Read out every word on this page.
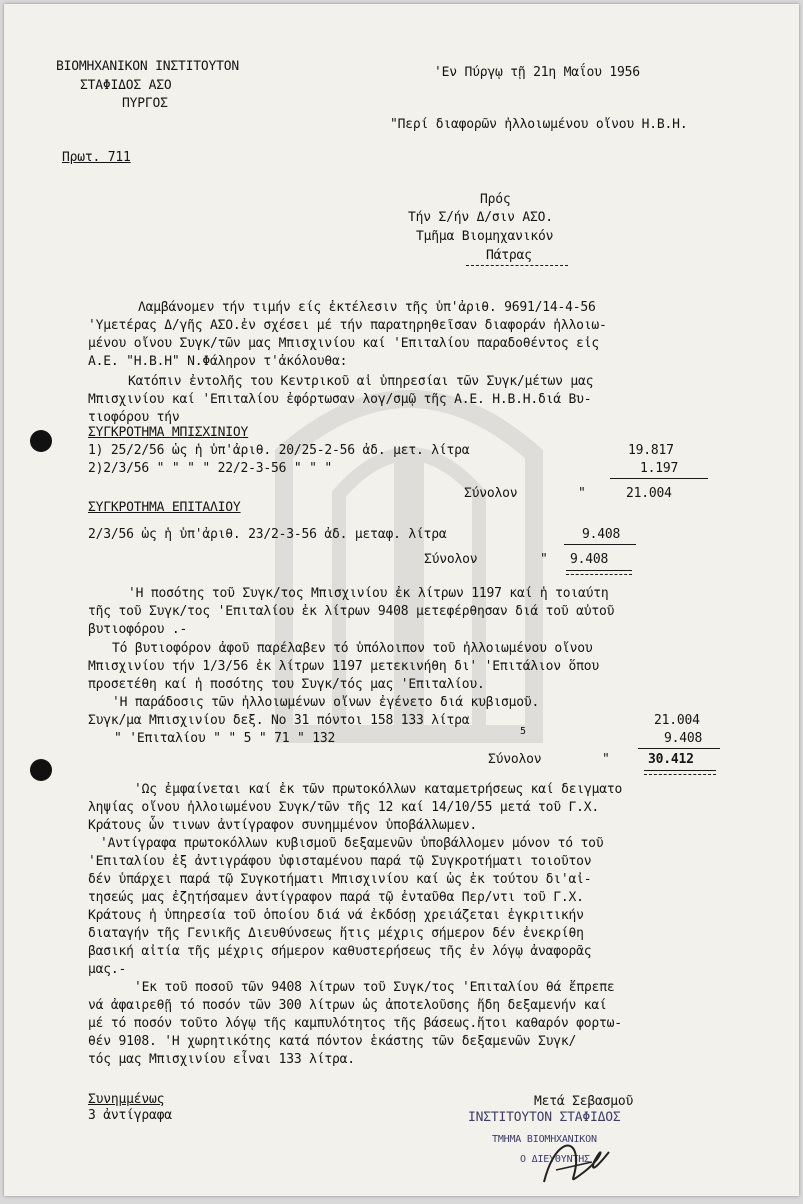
ΒΙΟΜΗΧΑΝΙΚΟΝ ΙΝΣΤΙΤΟΥΤΟΝ
ΣΤΑΦΙΔΟΣ ΑΣΟ
ΠΥΡΓΟΣ
'Εν Πύργῳ τῇ 21η Μαΐου 1956
"Περί διαφορῶν ἠλλοιωμένου οἴνου Η.Β.Η.
Πρωτ. 711
Πρός
Τήν Σ/ήν Δ/σιν ΑΣΟ.
Τμῆμα Βιομηχανικόν
Πάτρας
Λαμβάνομεν τήν τιμήν είς ἐκτέλεσιν τῆς ὑπ'ἀριθ. 9691/14-4-56
'Υμετέρας Δ/γῆς ΑΣΟ.ἐν σχέσει μέ τήν παρατηρηθεῖσαν διαφοράν ἠλλοιω-
μένου οἴνου Συγκ/τῶν μας Μπισχινίου καί 'Επιταλίου παραδοθέντος εἰς
Α.Ε. "Η.Β.Η" Ν.Φάληρον τ'ἀκόλουθα:
Κατόπιν ἐντολῆς του Κεντρικοῦ αἱ ὑπηρεσίαι τῶν Συγκ/μέτων μας
Μπισχινίου καί 'Επιταλίου ἐφόρτωσαν λογ/σμῷ τῆς Α.Ε. Η.Β.Η.διά Βυ-
τιοφόρου τήν
ΣΥΓΚΡΟΤΗΜΑ ΜΠΙΣΧΙΝΙΟΥ
1) 25/2/56 ὡς ἡ ὑπ'ἀριθ. 20/25-2-56 ἀδ. μετ. λίτρα	19.817
2)2/3/56 " " " " 22/2-3-56 " " "	1.197
Σύνολον	"	21.004
ΣΥΓΚΡΟΤΗΜΑ ΕΠΙΤΑΛΙΟΥ
2/3/56 ὡς ἡ ὑπ'ἀριθ. 23/2-3-56 ἀδ. μεταφ. λίτρα	9.408
Σύνολον	" 9.408
'Η ποσότης τοῦ Συγκ/τος Μπισχινίου ἐκ λίτρων 1197 καί ἡ τοιαύτη
τῆς τοῦ Συγκ/τος 'Επιταλίου ἐκ λίτρων 9408 μετεφέρθησαν διά τοῦ αὐτοῦ
βυτιοφόρου .-
Τό βυτιοφόρον ἀφοῦ παρέλαβεν τό ὑπόλοιπον τοῦ ἠλλοιωμένου οἴνου
Μπισχινίου τήν 1/3/56 ἐκ λίτρων 1197 μετεκινήθη δι' 'Επιτάλιον ὅπου
προσετέθη καί ἡ ποσότης του Συγκ/τός μας 'Επιταλίου.
'Η παράδοσις τῶν ἠλλοιωμένων οἴνων ἐγένετο διά κυβισμοῦ.
Συγκ/μα Μπισχινίου δεξ. Νο 31 πόντοι 158 133 λίτρα	21.004
" 'Επιταλίου " " 5 " 71 " 132	5	9.408
Σύνολον	"	30.412
'Ως ἐμφαίνεται καί ἐκ τῶν πρωτοκόλλων καταμετρήσεως καί δειγματο
ληψίας οἴνου ἠλλοιωμένου Συγκ/τῶν τῆς 12 καί 14/10/55 μετά τοῦ Γ.Χ.
Κράτους ὧν τινων ἀντίγραφον συνημμένον ὑποβάλλωμεν.
'Αντίγραφα πρωτοκόλλων κυβισμοῦ δεξαμενῶν ὑποβάλλομεν μόνον τό τοῦ
'Επιταλίου ἐξ ἀντιγράφου ὑφισταμένου παρά τῷ Συγκροτήματι τοιοῦτον
δέν ὑπάρχει παρά τῷ Συγκοτήματι Μπισχινίου καί ὡς ἐκ τούτου δι'αἰ-
τησεώς μας ἐζητήσαμεν ἀντίγραφον παρά τῷ ἐνταῦθα Περ/ντι τοῦ Γ.Χ.
Κράτους ἡ ὑπηρεσία τοῦ ὁποίου διά νά ἐκδόσῃ χρειάζεται ἐγκριτικήν
διαταγήν τῆς Γενικῆς Διευθύνσεως ἥτις μέχρις σήμερον δέν ἐνεκρίθη
βασική αἰτία τῆς μέχρις σήμερον καθυστερήσεως τῆς ἐν λόγῳ ἀναφορᾶς
μας.-
'Εκ τοῦ ποσοῦ τῶν 9408 λίτρων τοῦ Συγκ/τος 'Επιταλίου θά ἔπρεπε
νά ἀφαιρεθῇ τό ποσόν τῶν 300 λίτρων ὡς ἀποτελοῦσης ἤδη δεξαμενήν καί
μέ τό ποσόν τοῦτο λόγῳ τῆς καμπυλότητος τῆς βάσεως.ἤτοι καθαρόν φορτω-
θέν 9108. 'Η χωρητικότης κατά πόντον ἑκάστης τῶν δεξαμενῶν Συγκ/
τός μας Μπισχινίου εἶναι 133 λίτρα.
Συνημμένως
3 ἀντίγραφα
Μετά Σεβασμοῦ
ΙΝΣΤΙΤΟΥΤΟΝ ΣΤΑΦΙΔΟΣ
ΤΜΗΜΑ ΒΙΟΜΗΧΑΝΙΚΟΝ
Ο ΔΙΕΥΘΥΝΤΗΣ
